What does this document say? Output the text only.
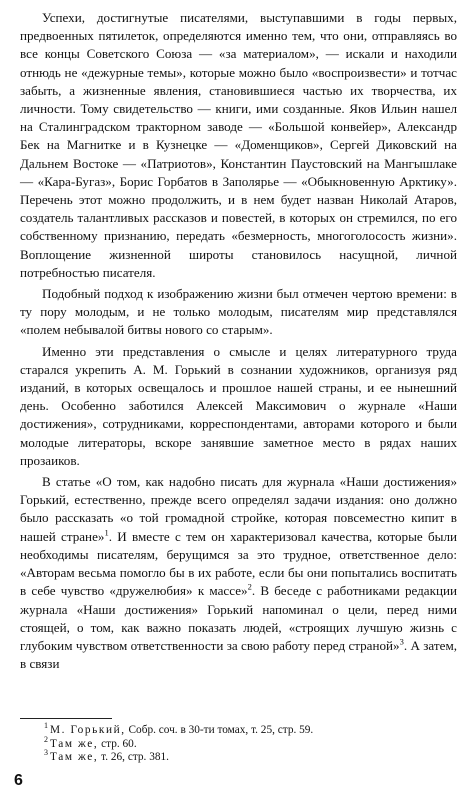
Успехи, достигнутые писателями, выступавшими в годы первых, предвоенных пятилеток, определяются именно тем, что они, отправляясь во все концы Советского Союза — «за материалом», — искали и находили отнюдь не «дежурные темы», которые можно было «воспроизвести» и тотчас забыть, а жизненные явления, становившиеся частью их творчества, их личности. Тому свидетельство — книги, ими созданные. Яков Ильин нашел на Сталинградском тракторном заводе — «Большой конвейер», Александр Бек на Магнитке и в Кузнецке — «Доменщиков», Сергей Диковский на Дальнем Востоке — «Патриотов», Константин Паустовский на Мангышлаке — «Кара-Бугаз», Борис Горбатов в Заполярье — «Обыкновенную Арктику». Перечень этот можно продолжить, и в нем будет назван Николай Атаров, создатель талантливых рассказов и повестей, в которых он стремился, по его собственному признанию, передать «безмерность, многоголосость жизни». Воплощение жизненной широты становилось насущной, личной потребностью писателя.

Подобный подход к изображению жизни был отмечен чертою времени: в ту пору молодым, и не только молодым, писателям мир представлялся «полем небывалой битвы нового со старым».

Именно эти представления о смысле и целях литературного труда старался укрепить А. М. Горький в сознании художников, организуя ряд изданий, в которых освещалось и прошлое нашей страны, и ее нынешний день. Особенно заботился Алексей Максимович о журнале «Наши достижения», сотрудниками, корреспондентами, авторами которого и были молодые литераторы, вскоре занявшие заметное место в рядах наших прозаиков.

В статье «О том, как надобно писать для журнала «Наши достижения» Горький, естественно, прежде всего определял задачи издания: оно должно было рассказать «о той громадной стройке, которая повсеместно кипит в нашей стране»$^1$. И вместе с тем он характеризовал качества, которые были необходимы писателям, берущимся за это трудное, ответственное дело: «Авторам весьма помогло бы в их работе, если бы они попытались воспитать в себе чувство «дружелюбия» к массе»$^2$. В беседе с работниками редакции журнала «Наши достижения» Горький напоминал о цели, перед ними стоящей, о том, как важно показать людей, «строящих лучшую жизнь с глубоким чувством ответственности за свою работу перед страной»$^3$. А затем, в связи

$^1$ М. Горький, Собр. соч. в 30-ти томах, т. 25, стр. 59.
$^2$ Там же, стр. 60.
$^3$ Там же, т. 26, стр. 381.
6
